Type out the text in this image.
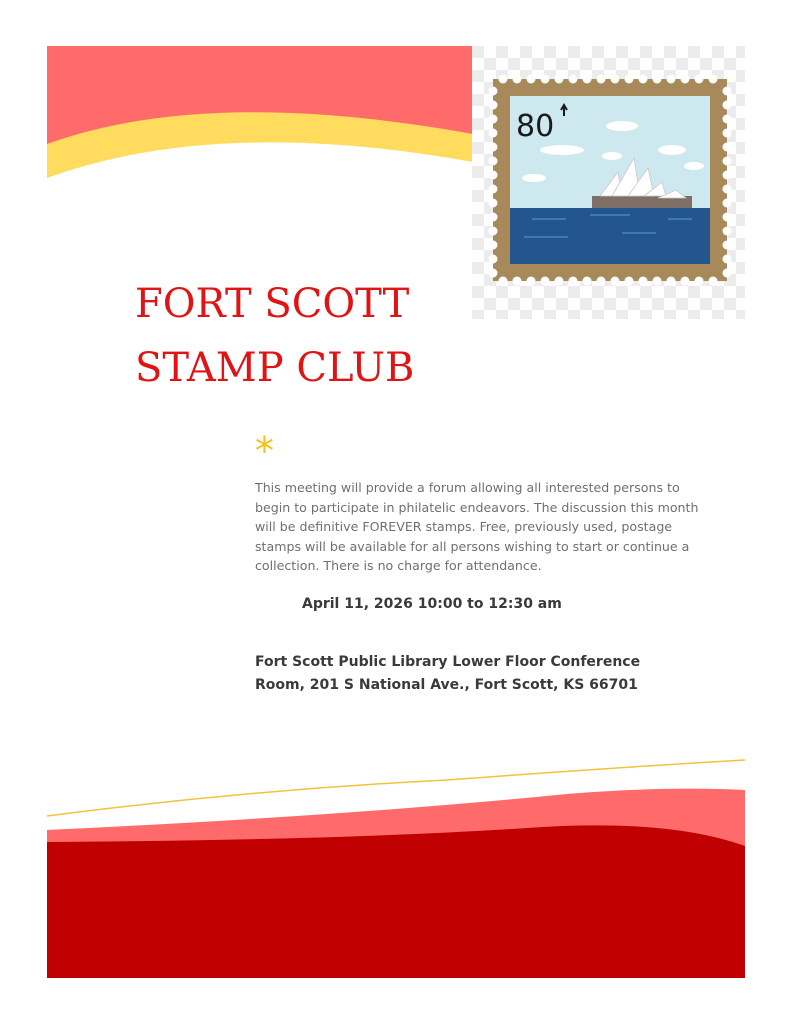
80
FORT SCOTT
STAMP CLUB
*

This meeting will provide a forum allowing all interested persons to begin to participate in philatelic endeavors. The discussion this month will be definitive FOREVER stamps. Free, previously used, postage stamps will be available for all persons wishing to start or continue a collection. There is no charge for attendance.

April 11, 2026 10:00 to 12:30 am

Fort Scott Public Library Lower Floor Conference Room, 201 S National Ave., Fort Scott, KS 66701
